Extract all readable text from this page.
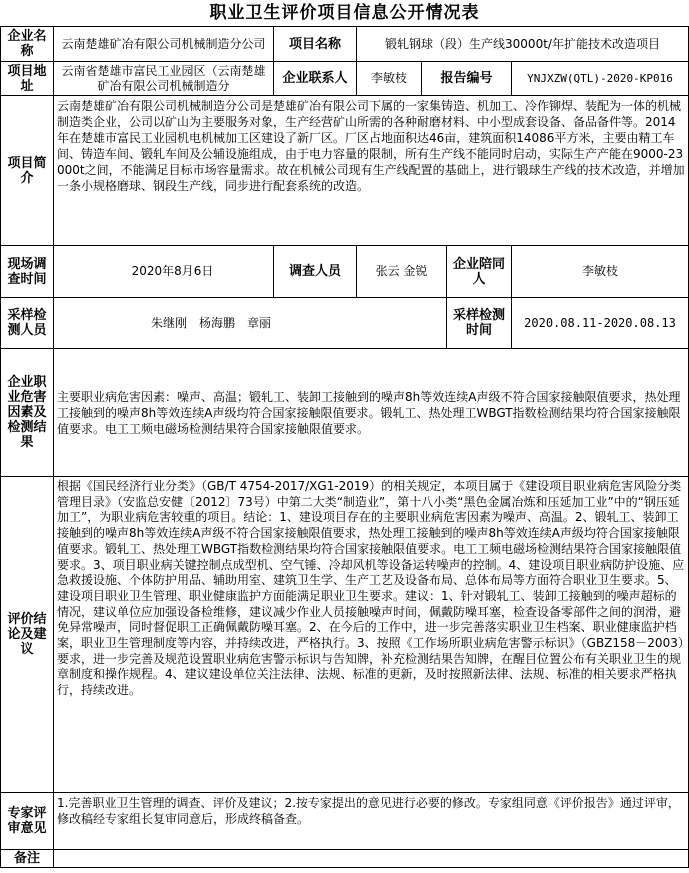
职业卫生评价项目信息公开情况表
企业名称	云南楚雄矿冶有限公司机械制造分公司	项目名称	锻轧钢球（段）生产线30000t/年扩能技术改造项目			
项目地址	云南省楚雄市富民工业园区（云南楚雄矿冶有限公司机械制造分	企业联系人	李敏枝	报告编号		YNJXZW(QTL)-2020-KP016
项目简介	云南楚雄矿冶有限公司机械制造分公司是楚雄矿冶有限公司下属的一家集铸造、机加工、冷作铆焊、装配为一体的机械制造类企业，公司以矿山为主要服务对象，生产经营矿山所需的各种耐磨材料、中小型成套设备、备品备件等。2014年在楚雄市富民工业园机电机械加工区建设了新厂区。厂区占地面积达46亩，建筑面积14086平方米，主要由精工车间、铸造车间、锻轧车间及公辅设施组成，由于电力容量的限制，所有生产线不能同时启动，实际生产产能在9000-23000t之间，不能满足目标市场容量需求。故在机械公司现有生产线配置的基础上，进行锻球生产线的技术改造，并增加一条小规格磨球、钢段生产线，同步进行配套系统的改造。					
现场调查时间	2020年8月6日	调查人员	张云 金锐		企业陪同人	李敏枝
采样检测人员	朱继刚　杨海鹏　章丽				采样检测时间	2020.08.11-2020.08.13
企业职业危害因素及检测结果	主要职业病危害因素：噪声、高温；锻轧工、装卸工接触到的噪声8h等效连续A声级不符合国家接触限值要求，热处理工接触到的噪声8h等效连续A声级均符合国家接触限值要求。锻轧工、热处理工WBGT指数检测结果均符合国家接触限值要求。电工工频电磁场检测结果符合国家接触限值要求。					
评价结论及建议	根据《国民经济行业分类》（GB/T 4754-2017/XG1-2019）的相关规定，本项目属于《建设项目职业病危害风险分类管理目录》（安监总安健〔2012〕73号）中第二大类“制造业”，第十八小类“黑色金属冶炼和压延加工业”中的“钢压延加工”，为职业病危害较重的项目。结论：1、建设项目存在的主要职业病危害因素为噪声、高温。2、锻轧工、装卸工接触到的噪声8h等效连续A声级不符合国家接触限值要求，热处理工接触到的噪声8h等效连续A声级均符合国家接触限值要求。锻轧工、热处理工WBGT指数检测结果均符合国家接触限值要求。电工工频电磁场检测结果符合国家接触限值要求。3、项目职业病关键控制点成型机、空气锤、冷却风机等设备运转噪声的控制。4、建设项目职业病防护设施、应急救援设施、个体防护用品、辅助用室、建筑卫生学、生产工艺及设备布局、总体布局等方面符合职业卫生要求。5、建设项目职业卫生管理、职业健康监护方面能满足职业卫生要求。建议：1、针对锻轧工、装卸工接触到的噪声超标的情况，建议单位应加强设备检维修，建议减少作业人员接触噪声时间，佩戴防噪耳塞，检查设备零部件之间的润滑，避免异常噪声，同时督促职工正确佩戴防噪耳塞。2、在今后的工作中，进一步完善落实职业卫生档案、职业健康监护档案，职业卫生管理制度等内容，并持续改进，严格执行。3、按照《工作场所职业病危害警示标识》（GBZ158－2003）要求，进一步完善及规范设置职业病危害警示标识与告知牌，补充检测结果告知牌，在醒目位置公布有关职业卫生的规章制度和操作规程。4、建议建设单位关注法律、法规、标准的更新，及时按照新法律、法规、标准的相关要求严格执行，持续改进。					
专家评审意见	1.完善职业卫生管理的调查、评价及建议；2.按专家提出的意见进行必要的修改。专家组同意《评价报告》通过评审，修改稿经专家组长复审同意后，形成终稿备查。					
备注						
